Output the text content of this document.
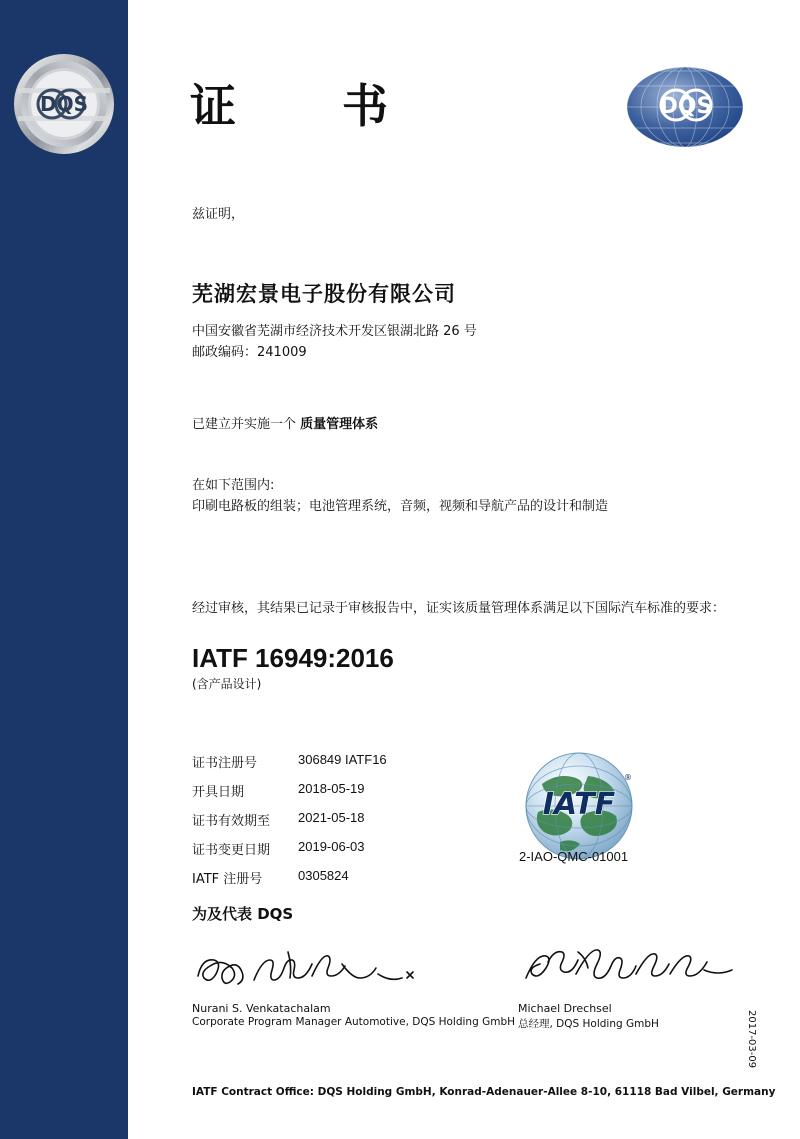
DQS	DQS
证　书
兹证明，
芜湖宏景电子股份有限公司
中国安徽省芜湖市经济技术开发区银湖北路 26 号
邮政编码：241009
已建立并实施一个 质量管理体系
在如下范围内:
印刷电路板的组装；电池管理系统，音频，视频和导航产品的设计和制造
经过审核，其结果已记录于审核报告中，证实该质量管理体系满足以下国际汽车标准的要求：
IATF 16949:2016
(含产品设计)
证书注册号	306849 IATF16
开具日期	2018-05-19
证书有效期至	2021-05-18
证书变更日期	2019-06-03
IATF 注册号	0305824
IATF
®
2-IAO-QMC-01001
为及代表 DQS
Nurani S. Venkatachalam
Corporate Program Manager Automotive, DQS Holding GmbH
Michael Drechsel
总经理, DQS Holding GmbH
IATF Contract Office: DQS Holding GmbH, Konrad-Adenauer-Allee 8-10, 61118 Bad Vilbel, Germany
2017-03-09
